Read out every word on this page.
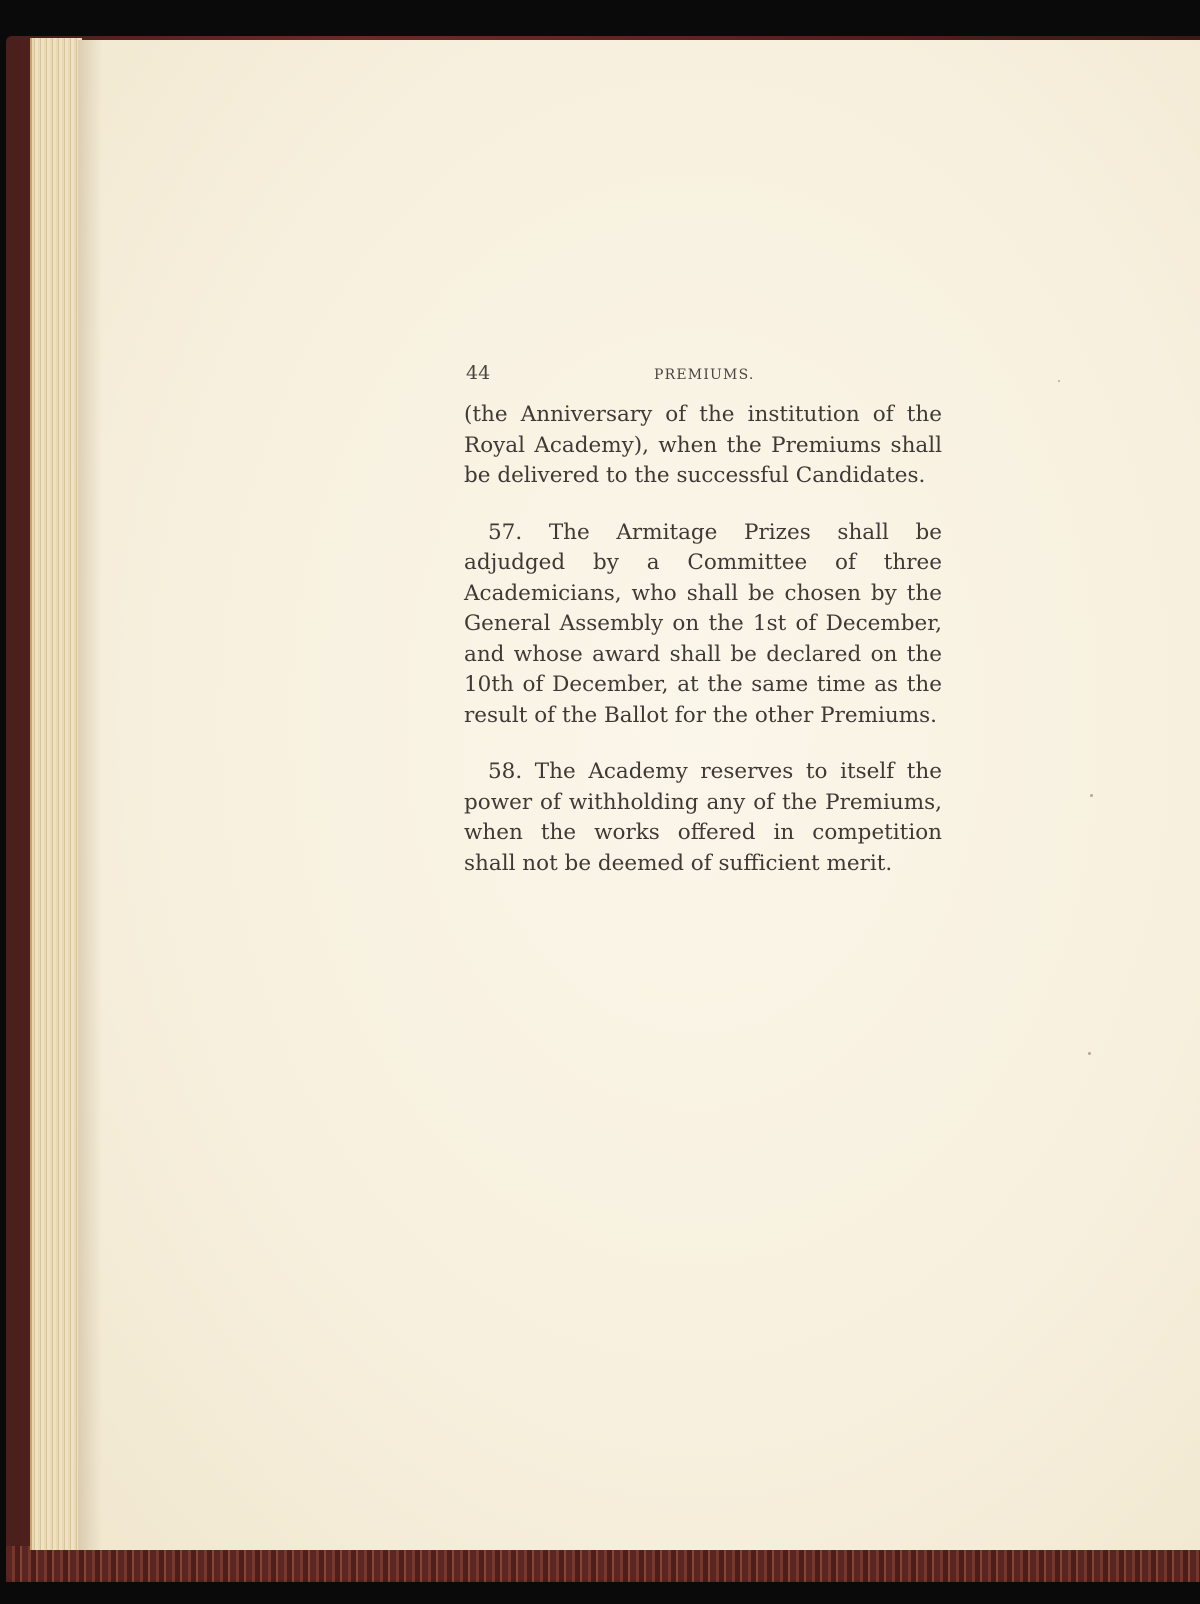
44	PREMIUMS.

(the Anniversary of the institution of the Royal Academy), when the Premiums shall be delivered to the successful Candidates.

57. The Armitage Prizes shall be adjudged by a Committee of three Academicians, who shall be chosen by the General Assembly on the 1st of December, and whose award shall be declared on the 10th of December, at the same time as the result of the Ballot for the other Premiums.

58. The Academy reserves to itself the power of withholding any of the Premiums, when the works offered in competition shall not be deemed of sufficient merit.
